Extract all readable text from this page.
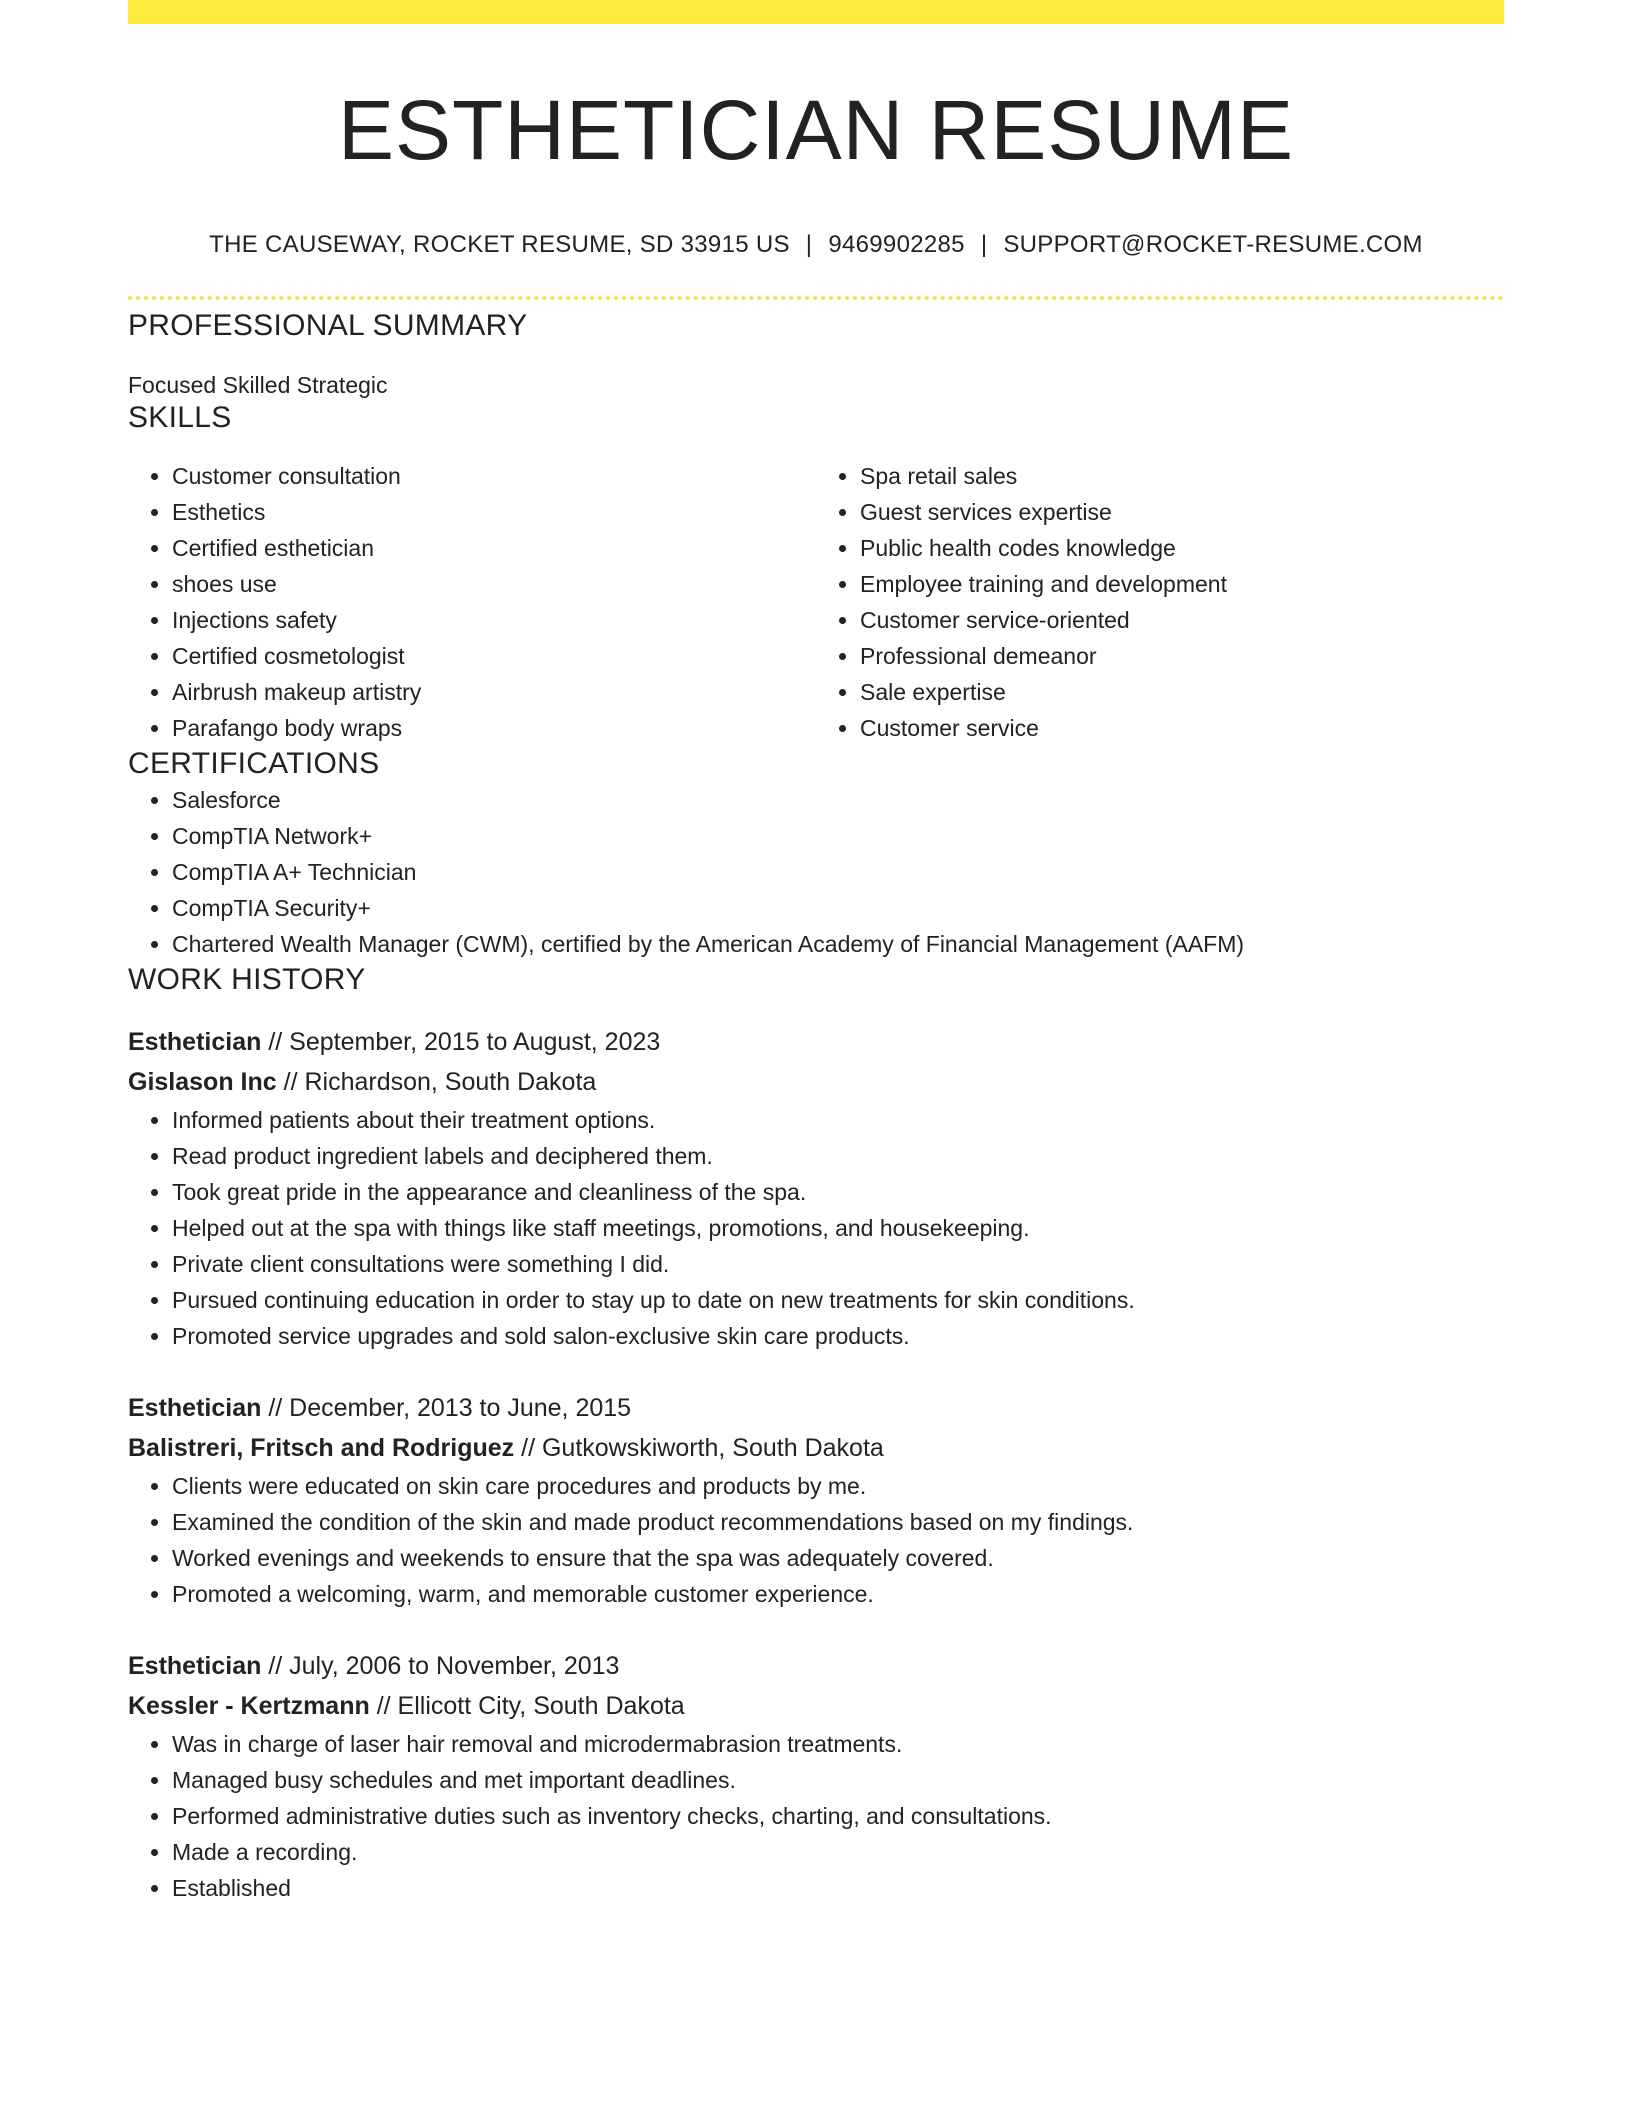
ESTHETICIAN RESUME
THE CAUSEWAY, ROCKET RESUME, SD 33915 US | 9469902285 | SUPPORT@ROCKET-RESUME.COM
PROFESSIONAL SUMMARY
Focused Skilled Strategic
SKILLS
• Customer consultation
• Esthetics
• Certified esthetician
• shoes use
• Injections safety
• Certified cosmetologist
• Airbrush makeup artistry
• Parafango body wraps
• Spa retail sales
• Guest services expertise
• Public health codes knowledge
• Employee training and development
• Customer service-oriented
• Professional demeanor
• Sale expertise
• Customer service
CERTIFICATIONS
• Salesforce
• CompTIA Network+
• CompTIA A+ Technician
• CompTIA Security+
• Chartered Wealth Manager (CWM), certified by the American Academy of Financial Management (AAFM)
WORK HISTORY
Esthetician // September, 2015 to August, 2023
Gislason Inc // Richardson, South Dakota
• Informed patients about their treatment options.
• Read product ingredient labels and deciphered them.
• Took great pride in the appearance and cleanliness of the spa.
• Helped out at the spa with things like staff meetings, promotions, and housekeeping.
• Private client consultations were something I did.
• Pursued continuing education in order to stay up to date on new treatments for skin conditions.
• Promoted service upgrades and sold salon-exclusive skin care products.
Esthetician // December, 2013 to June, 2015
Balistreri, Fritsch and Rodriguez // Gutkowskiworth, South Dakota
• Clients were educated on skin care procedures and products by me.
• Examined the condition of the skin and made product recommendations based on my findings.
• Worked evenings and weekends to ensure that the spa was adequately covered.
• Promoted a welcoming, warm, and memorable customer experience.
Esthetician // July, 2006 to November, 2013
Kessler - Kertzmann // Ellicott City, South Dakota
• Was in charge of laser hair removal and microdermabrasion treatments.
• Managed busy schedules and met important deadlines.
• Performed administrative duties such as inventory checks, charting, and consultations.
• Made a recording.
• Established
